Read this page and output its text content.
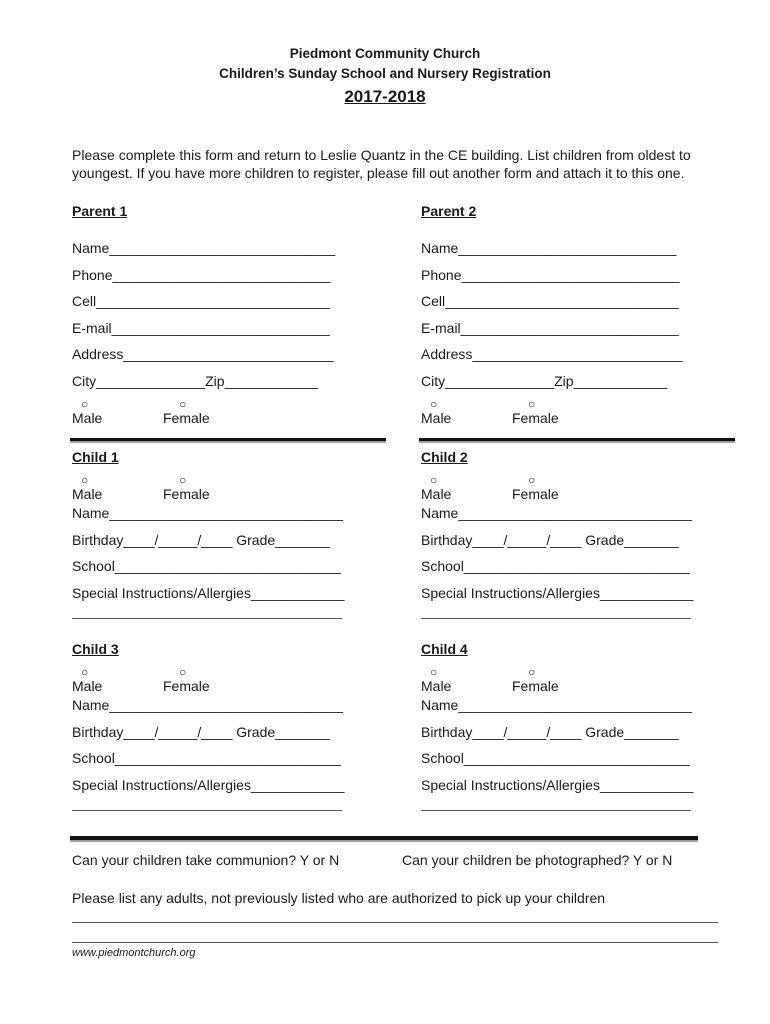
Piedmont Community Church
Children’s Sunday School and Nursery Registration
2017-2018
Please complete this form and return to Leslie Quantz in the CE building. List children from oldest to
youngest. If you have more children to register, please fill out another form and attach it to this one.
Parent 1
Name_____________________________
Phone____________________________
Cell______________________________
E-mail____________________________
Address___________________________
City______________Zip____________
○	○
Male	Female
Parent 2
Name____________________________
Phone____________________________
Cell______________________________
E-mail____________________________
Address___________________________
City______________Zip____________
○	○
Male	Female
Child 1
○	○
Male	Female
Name______________________________
Birthday____/_____/____ Grade_______
School_____________________________
Special Instructions/Allergies____________
Child 2
○	○
Male	Female
Name______________________________
Birthday____/_____/____ Grade_______
School_____________________________
Special Instructions/Allergies____________
Child 3
○	○
Male	Female
Name______________________________
Birthday____/_____/____ Grade_______
School_____________________________
Special Instructions/Allergies____________
Child 4
○	○
Male	Female
Name______________________________
Birthday____/_____/____ Grade_______
School_____________________________
Special Instructions/Allergies____________
Can your children take communion? Y or N	Can your children be photographed? Y or N
Please list any adults, not previously listed who are authorized to pick up your children
www.piedmontchurch.org
